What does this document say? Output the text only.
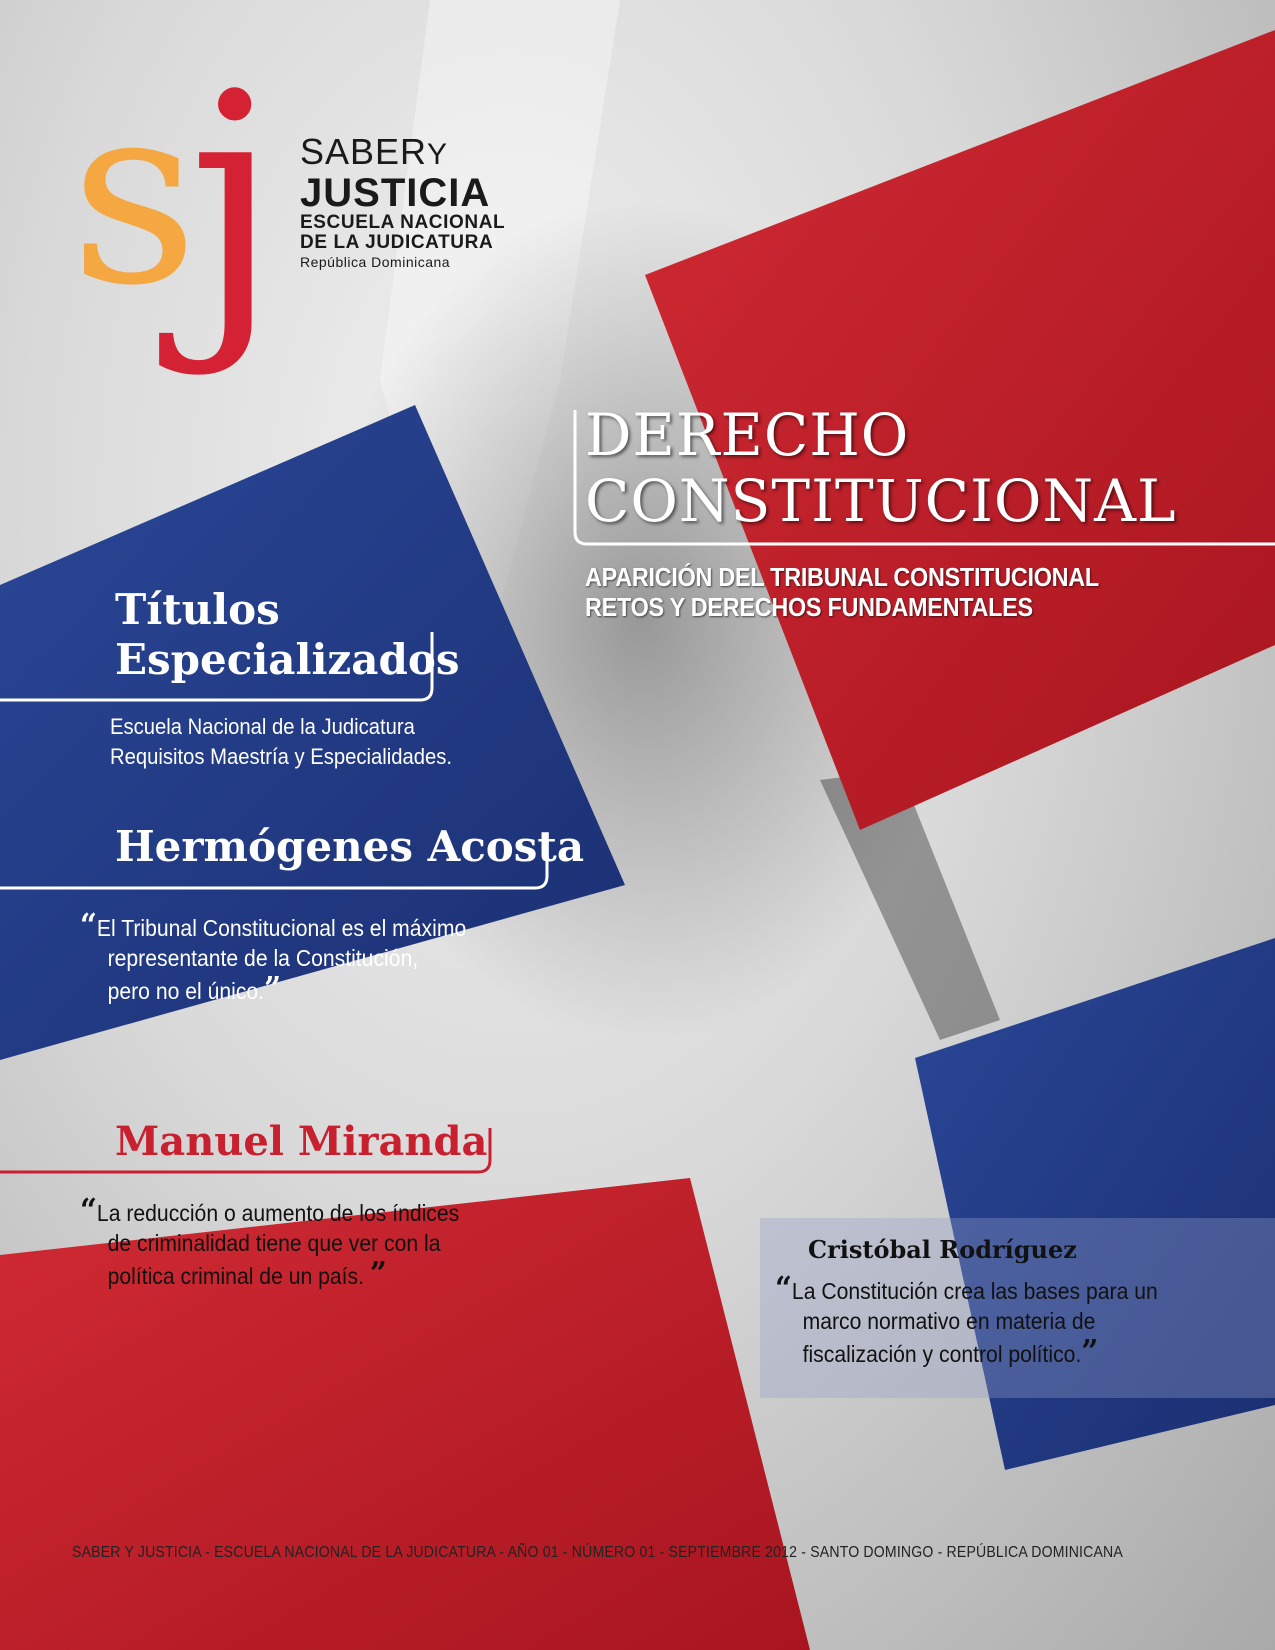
s
j SABERY
JUSTICIA
ESCUELA NACIONAL
DE LA JUDICATURA
República Dominicana
DERECHO
CONSTITUCIONAL
APARICIÓN DEL TRIBUNAL CONSTITUCIONAL
RETOS Y DERECHOS FUNDAMENTALES
Títulos
Especializados
Escuela Nacional de la Judicatura
Requisitos Maestría y Especialidades.
Hermógenes Acosta
“El Tribunal Constitucional es el máximo
representante de la Constitución,
pero no el único.”
Manuel Miranda
“La reducción o aumento de los índices
de criminalidad tiene que ver con la
política criminal de un país. ”
Cristóbal Rodríguez
“La Constitución crea las bases para un
marco normativo en materia de
fiscalización y control político.”
SABER Y JUSTICIA - ESCUELA NACIONAL DE LA JUDICATURA - AÑO 01 - NÚMERO 01 - SEPTIEMBRE 2012 - SANTO DOMINGO - REPÚBLICA DOMINICANA
